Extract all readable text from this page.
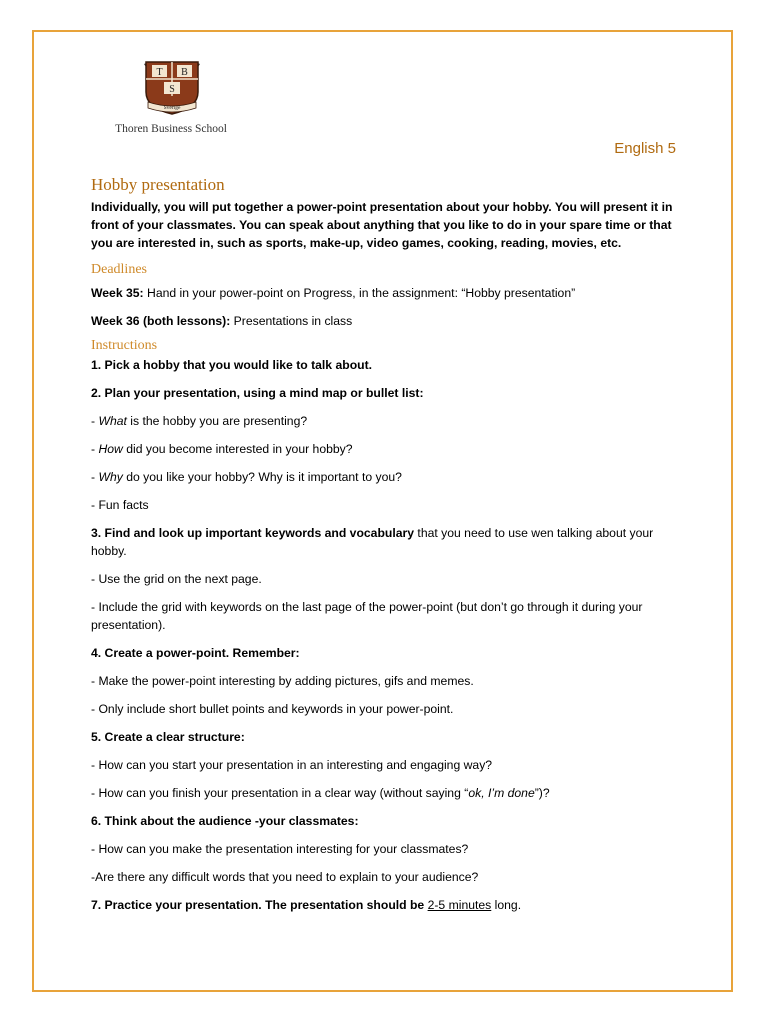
T B
S
Sverige
Thoren Business School
English 5
Hobby presentation

Individually, you will put together a power-point presentation about your hobby. You will present it in front of your classmates. You can speak about anything that you like to do in your spare time or that you are interested in, such as sports, make-up, video games, cooking, reading, movies, etc.

Deadlines

Week 35: Hand in your power-point on Progress, in the assignment: “Hobby presentation”

Week 36 (both lessons): Presentations in class

Instructions

1. Pick a hobby that you would like to talk about.

2. Plan your presentation, using a mind map or bullet list:

- What is the hobby you are presenting?

- How did you become interested in your hobby?

- Why do you like your hobby? Why is it important to you?

- Fun facts

3. Find and look up important keywords and vocabulary that you need to use wen talking about your hobby.

- Use the grid on the next page.

- Include the grid with keywords on the last page of the power-point (but don’t go through it during your presentation).

4. Create a power-point. Remember:

- Make the power-point interesting by adding pictures, gifs and memes.

- Only include short bullet points and keywords in your power-point.

5. Create a clear structure:

- How can you start your presentation in an interesting and engaging way?

- How can you finish your presentation in a clear way (without saying “ok, I’m done”)?

6. Think about the audience -your classmates:

- How can you make the presentation interesting for your classmates?

-Are there any difficult words that you need to explain to your audience?

7. Practice your presentation. The presentation should be 2-5 minutes long.
